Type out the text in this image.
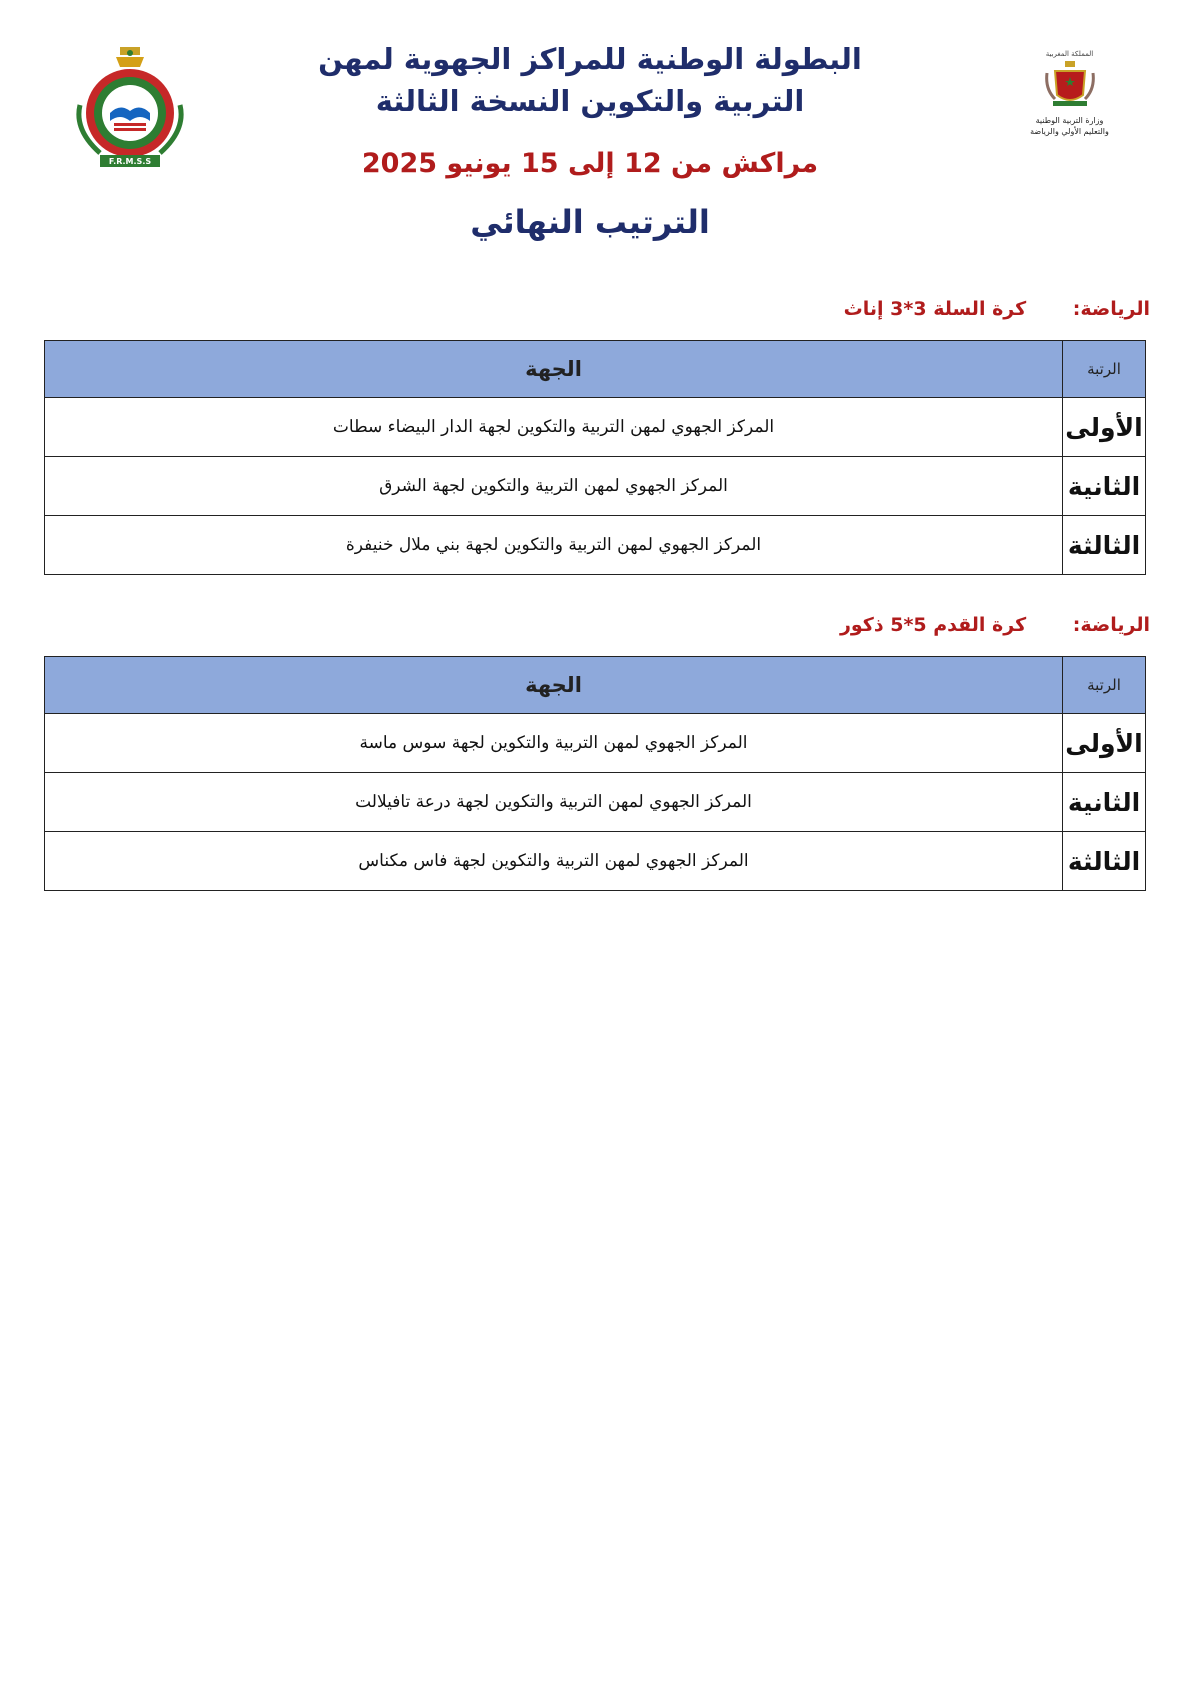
F.R.M.S.S
المملكة المغربية
وزارة التربية الوطنية
والتعليم الأولي والرياضة
البطولة الوطنية للمراكز الجهوية لمهن
التربية والتكوين النسخة الثالثة
مراكش من 12 إلى 15 يونيو 2025
الترتيب النهائي
الرياضة: كرة السلة 3*3 إناث
الرتبة	الجهة
الأولى	المركز الجهوي لمهن التربية والتكوين لجهة الدار البيضاء سطات
الثانية	المركز الجهوي لمهن التربية والتكوين لجهة الشرق
الثالثة	المركز الجهوي لمهن التربية والتكوين لجهة بني ملال خنيفرة
الرياضة: كرة القدم 5*5 ذكور
الرتبة	الجهة
الأولى	المركز الجهوي لمهن التربية والتكوين لجهة سوس ماسة
الثانية	المركز الجهوي لمهن التربية والتكوين لجهة درعة تافيلالت
الثالثة	المركز الجهوي لمهن التربية والتكوين لجهة فاس مكناس
